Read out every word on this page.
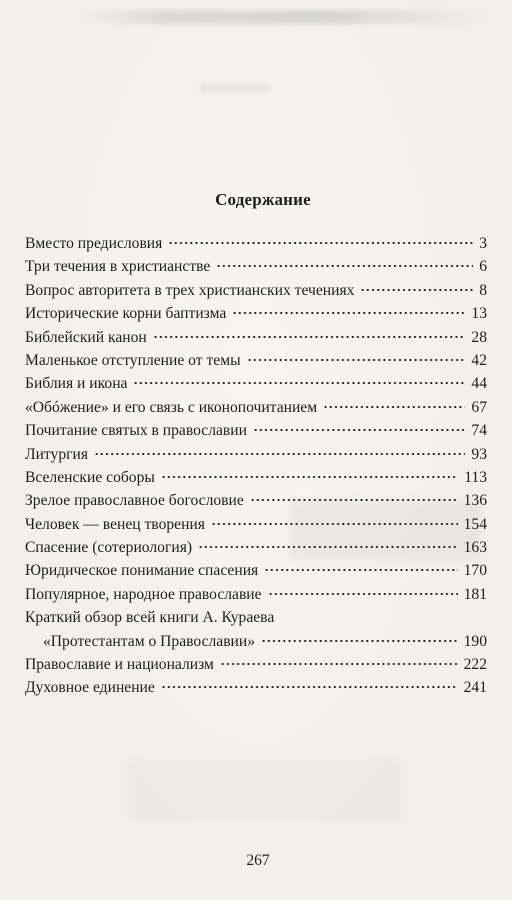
Содержание
Вместо предисловия	3
Три течения в христианстве	6
Вопрос авторитета в трех христианских течениях	8
Исторические корни баптизма	13
Библейский канон	28
Маленькое отступление от темы	42
Библия и икона	44
«Обóжение» и его связь с иконопочитанием	67
Почитание святых в православии	74
Литургия	93
Вселенские соборы	113
Зрелое православное богословие	136
Человек — венец творения	154
Спасение (сотериология)	163
Юридическое понимание спасения	170
Популярное, народное православие	181
Краткий обзор всей книги А. Кураева
«Протестантам о Православии»	190
Православие и национализм	222
Духовное единение	241
267
